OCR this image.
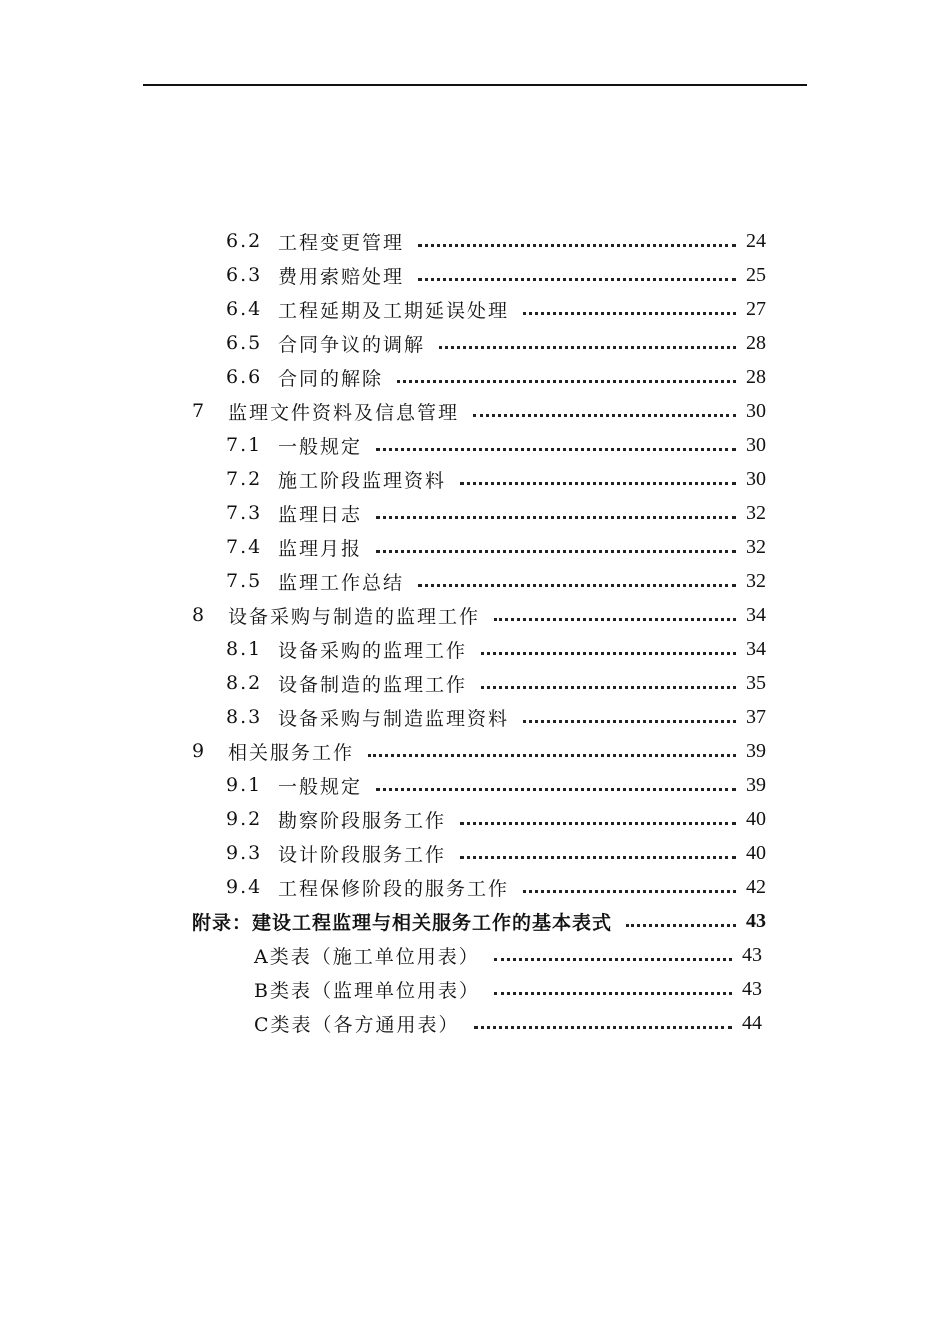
6.2 工程变更管理	24
6.3 费用索赔处理	25
6.4 工程延期及工期延误处理	27
6.5 合同争议的调解	28
6.6 合同的解除	28
7	监理文件资料及信息管理	30
7.1 一般规定	30
7.2 施工阶段监理资料	30
7.3 监理日志	32
7.4 监理月报	32
7.5 监理工作总结	32
8	设备采购与制造的监理工作	34
8.1 设备采购的监理工作	34
8.2 设备制造的监理工作	35
8.3 设备采购与制造监理资料	37
9	相关服务工作	39
9.1 一般规定	39
9.2 勘察阶段服务工作	40
9.3 设计阶段服务工作	40
9.4 工程保修阶段的服务工作	42
附录：建设工程监理与相关服务工作的基本表式	43
A类表（施工单位用表）	43
B类表（监理单位用表）	43
C类表（各方通用表）	44
